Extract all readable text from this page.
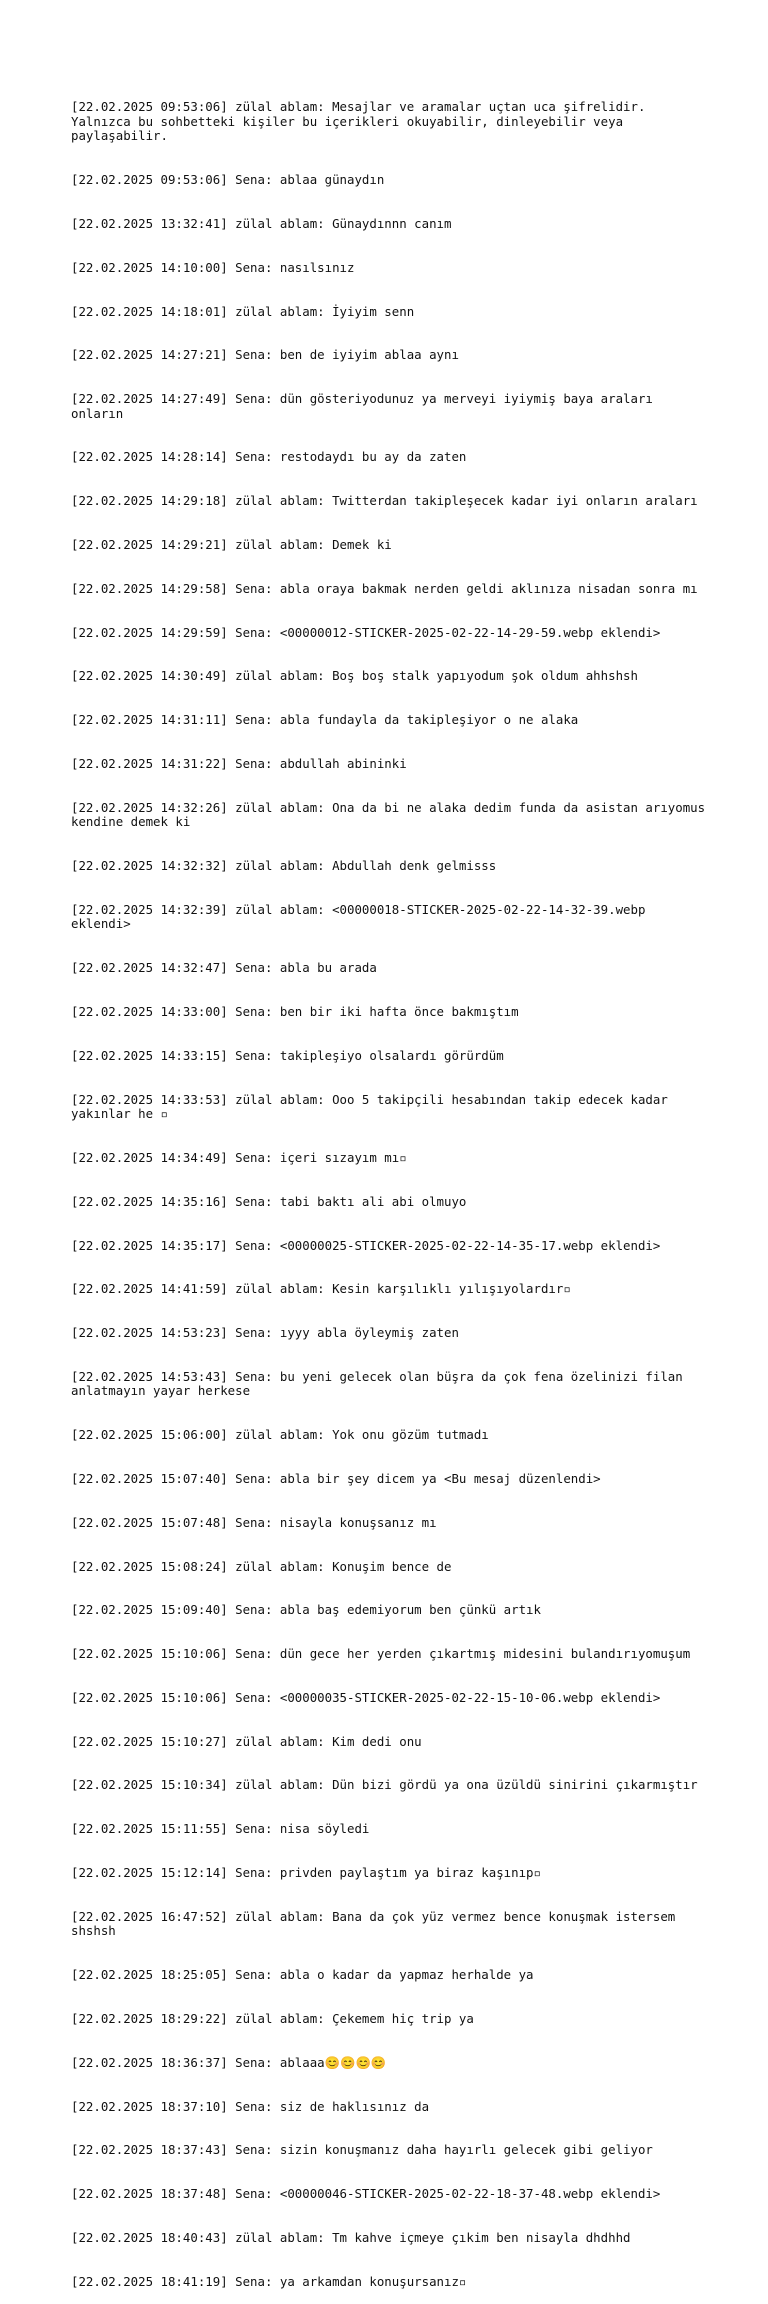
[22.02.2025 09:53:06] zülal ablam: Mesajlar ve aramalar uçtan uca şifrelidir. Yalnızca bu sohbetteki kişiler bu içerikleri okuyabilir, dinleyebilir veya paylaşabilir.

[22.02.2025 09:53:06] Sena: ablaa günaydın

[22.02.2025 13:32:41] zülal ablam: Günaydınnn canım

[22.02.2025 14:10:00] Sena: nasılsınız

[22.02.2025 14:18:01] zülal ablam: İyiyim senn

[22.02.2025 14:27:21] Sena: ben de iyiyim ablaa aynı

[22.02.2025 14:27:49] Sena: dün gösteriyodunuz ya merveyi iyiymiş baya araları onların

[22.02.2025 14:28:14] Sena: restodaydı bu ay da zaten

[22.02.2025 14:29:18] zülal ablam: Twitterdan takipleşecek kadar iyi onların araları

[22.02.2025 14:29:21] zülal ablam: Demek ki

[22.02.2025 14:29:58] Sena: abla oraya bakmak nerden geldi aklınıza nisadan sonra mı

[22.02.2025 14:29:59] Sena: <00000012-STICKER-2025-02-22-14-29-59.webp eklendi>

[22.02.2025 14:30:49] zülal ablam: Boş boş stalk yapıyodum şok oldum ahhshsh

[22.02.2025 14:31:11] Sena: abla fundayla da takipleşiyor o ne alaka

[22.02.2025 14:31:22] Sena: abdullah abininki

[22.02.2025 14:32:26] zülal ablam: Ona da bi ne alaka dedim funda da asistan arıyomus kendine demek ki

[22.02.2025 14:32:32] zülal ablam: Abdullah denk gelmisss

[22.02.2025 14:32:39] zülal ablam: <00000018-STICKER-2025-02-22-14-32-39.webp eklendi>

[22.02.2025 14:32:47] Sena: abla bu arada

[22.02.2025 14:33:00] Sena: ben bir iki hafta önce bakmıştım

[22.02.2025 14:33:15] Sena: takipleşiyo olsalardı görürdüm

[22.02.2025 14:33:53] zülal ablam: Ooo 5 takipçili hesabından takip edecek kadar yakınlar he ▫

[22.02.2025 14:34:49] Sena: içeri sızayım mı▫

[22.02.2025 14:35:16] Sena: tabi baktı ali abi olmuyo

[22.02.2025 14:35:17] Sena: <00000025-STICKER-2025-02-22-14-35-17.webp eklendi>

[22.02.2025 14:41:59] zülal ablam: Kesin karşılıklı yılışıyolardır▫

[22.02.2025 14:53:23] Sena: ıyyy abla öyleymiş zaten

[22.02.2025 14:53:43] Sena: bu yeni gelecek olan büşra da çok fena özelinizi filan anlatmayın yayar herkese

[22.02.2025 15:06:00] zülal ablam: Yok onu gözüm tutmadı

[22.02.2025 15:07:40] Sena: abla bir şey dicem ya <Bu mesaj düzenlendi>

[22.02.2025 15:07:48] Sena: nisayla konuşsanız mı

[22.02.2025 15:08:24] zülal ablam: Konuşim bence de

[22.02.2025 15:09:40] Sena: abla baş edemiyorum ben çünkü artık

[22.02.2025 15:10:06] Sena: dün gece her yerden çıkartmış midesini bulandırıyomuşum

[22.02.2025 15:10:06] Sena: <00000035-STICKER-2025-02-22-15-10-06.webp eklendi>

[22.02.2025 15:10:27] zülal ablam: Kim dedi onu

[22.02.2025 15:10:34] zülal ablam: Dün bizi gördü ya ona üzüldü sinirini çıkarmıştır

[22.02.2025 15:11:55] Sena: nisa söyledi

[22.02.2025 15:12:14] Sena: privden paylaştım ya biraz kaşınıp▫

[22.02.2025 16:47:52] zülal ablam: Bana da çok yüz vermez bence konuşmak istersem shshsh

[22.02.2025 18:25:05] Sena: abla o kadar da yapmaz herhalde ya

[22.02.2025 18:29:22] zülal ablam: Çekemem hiç trip ya

[22.02.2025 18:36:37] Sena: ablaaa😊😊😊😊

[22.02.2025 18:37:10] Sena: siz de haklısınız da

[22.02.2025 18:37:43] Sena: sizin konuşmanız daha hayırlı gelecek gibi geliyor

[22.02.2025 18:37:48] Sena: <00000046-STICKER-2025-02-22-18-37-48.webp eklendi>

[22.02.2025 18:40:43] zülal ablam: Tm kahve içmeye çıkim ben nisayla dhdhhd

[22.02.2025 18:41:19] Sena: ya arkamdan konuşursanız▫
